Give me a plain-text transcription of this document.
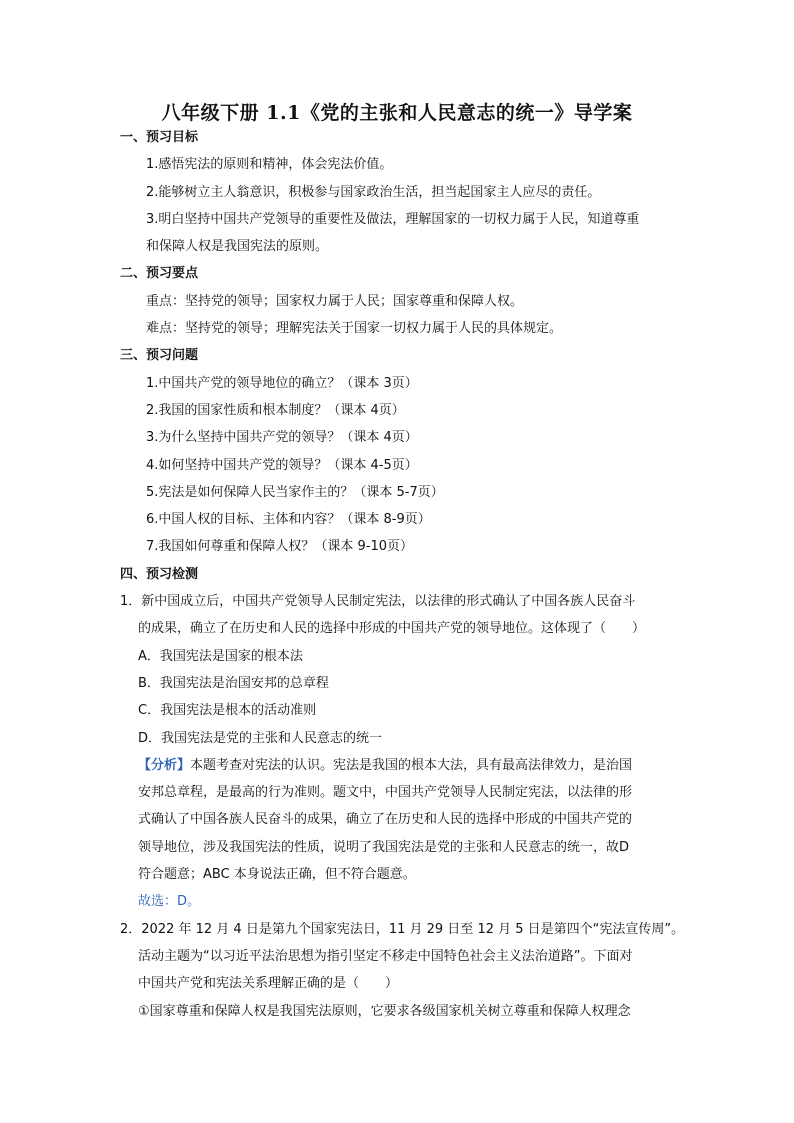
八年级下册 1.1《党的主张和人民意志的统一》导学案
一、预习目标
1.感悟宪法的原则和精神，体会宪法价值。
2.能够树立主人翁意识，积极参与国家政治生活，担当起国家主人应尽的责任。
3.明白坚持中国共产党领导的重要性及做法，理解国家的一切权力属于人民，知道尊重
和保障人权是我国宪法的原则。
二、预习要点
重点：坚持党的领导；国家权力属于人民；国家尊重和保障人权。
难点：坚持党的领导；理解宪法关于国家一切权力属于人民的具体规定。
三、预习问题
1.中国共产党的领导地位的确立？（课本 3页）
2.我国的国家性质和根本制度？（课本 4页）
3.为什么坚持中国共产党的领导？（课本 4页）
4.如何坚持中国共产党的领导？（课本 4-5页）
5.宪法是如何保障人民当家作主的？（课本 5-7页）
6.中国人权的目标、主体和内容？（课本 8-9页）
7.我国如何尊重和保障人权？（课本 9-10页）
四、预习检测
1．新中国成立后，中国共产党领导人民制定宪法，以法律的形式确认了中国各族人民奋斗
的成果，确立了在历史和人民的选择中形成的中国共产党的领导地位。这体现了（　　）
A．我国宪法是国家的根本法
B．我国宪法是治国安邦的总章程
C．我国宪法是根本的活动准则
D．我国宪法是党的主张和人民意志的统一
【分析】本题考查对宪法的认识。宪法是我国的根本大法，具有最高法律效力，是治国
安邦总章程，是最高的行为准则。题文中，中国共产党领导人民制定宪法，以法律的形
式确认了中国各族人民奋斗的成果，确立了在历史和人民的选择中形成的中国共产党的
领导地位，涉及我国宪法的性质，说明了我国宪法是党的主张和人民意志的统一，故D
符合题意；ABC 本身说法正确，但不符合题意。
故选：D。
2．2022 年 12 月 4 日是第九个国家宪法日，11 月 29 日至 12 月 5 日是第四个“宪法宣传周”。
活动主题为“以习近平法治思想为指引坚定不移走中国特色社会主义法治道路”。下面对
中国共产党和宪法关系理解正确的是（　　）
①国家尊重和保障人权是我国宪法原则，它要求各级国家机关树立尊重和保障人权理念
